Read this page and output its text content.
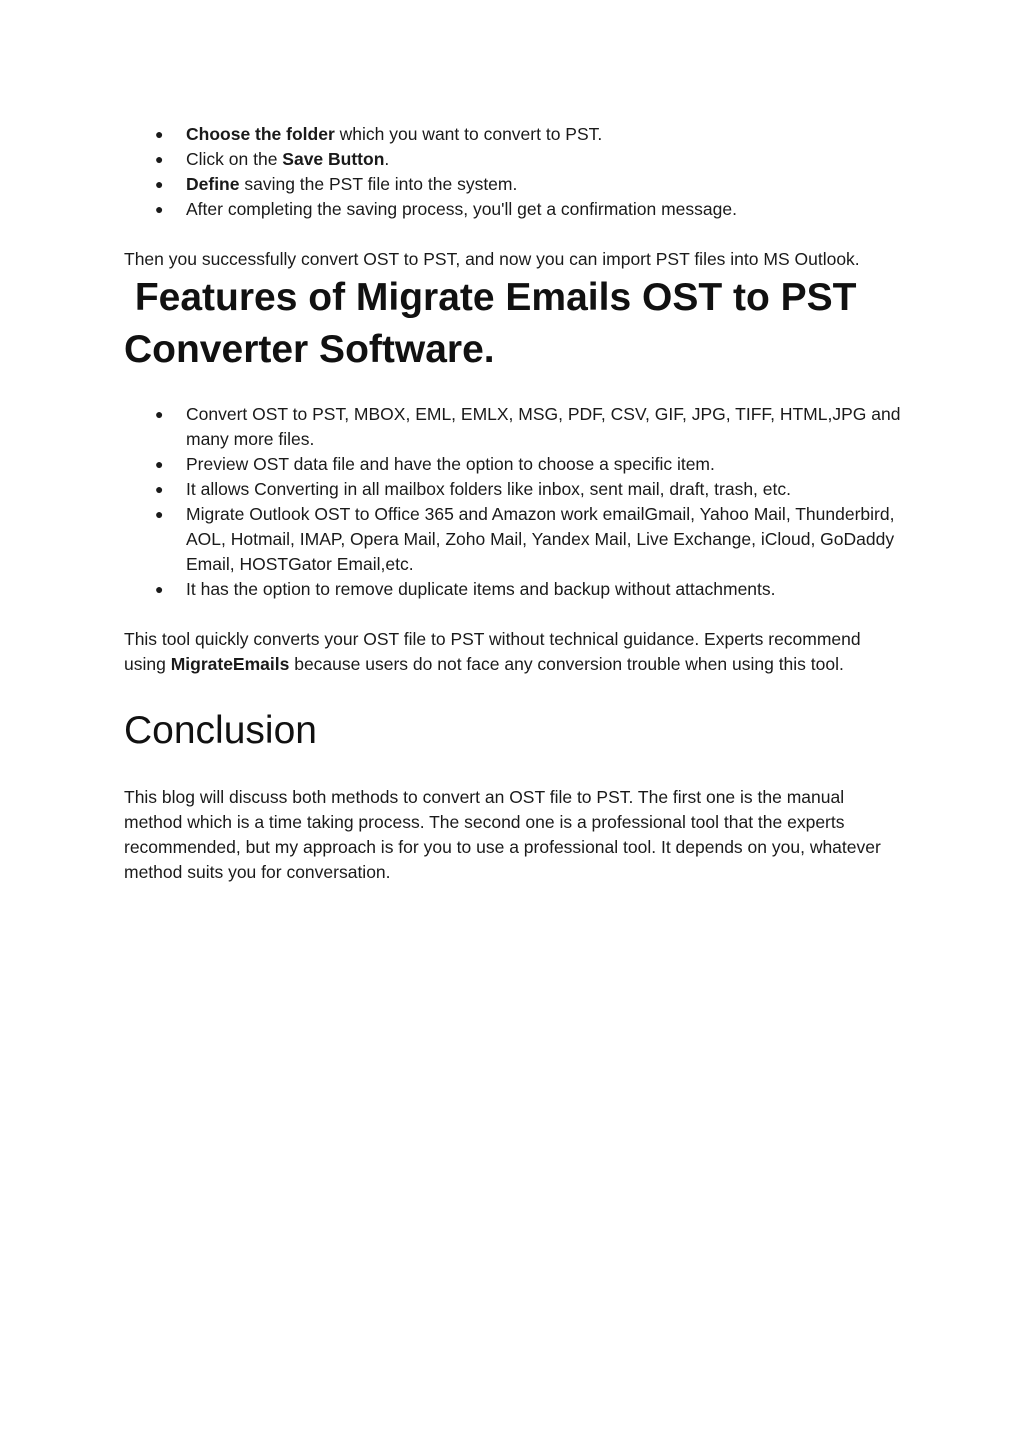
● Choose the folder which you want to convert to PST.
● Click on the Save Button.
● Define saving the PST file into the system.
● After completing the saving process, you'll get a confirmation message.

Then you successfully convert OST to PST, and now you can import PST files into MS Outlook.

Features of Migrate Emails OST to PST Converter Software.
● Convert OST to PST, MBOX, EML, EMLX, MSG, PDF, CSV, GIF, JPG, TIFF, HTML,JPG and many more files.
● Preview OST data file and have the option to choose a specific item.
● It allows Converting in all mailbox folders like inbox, sent mail, draft, trash, etc.
● Migrate Outlook OST to Office 365 and Amazon work emailGmail, Yahoo Mail, Thunderbird, AOL, Hotmail, IMAP, Opera Mail, Zoho Mail, Yandex Mail, Live Exchange, iCloud, GoDaddy Email, HOSTGator Email,etc.
● It has the option to remove duplicate items and backup without attachments.

This tool quickly converts your OST file to PST without technical guidance. Experts recommend using MigrateEmails because users do not face any conversion trouble when using this tool.

Conclusion

This blog will discuss both methods to convert an OST file to PST. The first one is the manual method which is a time taking process. The second one is a professional tool that the experts recommended, but my approach is for you to use a professional tool. It depends on you, whatever method suits you for conversation.
